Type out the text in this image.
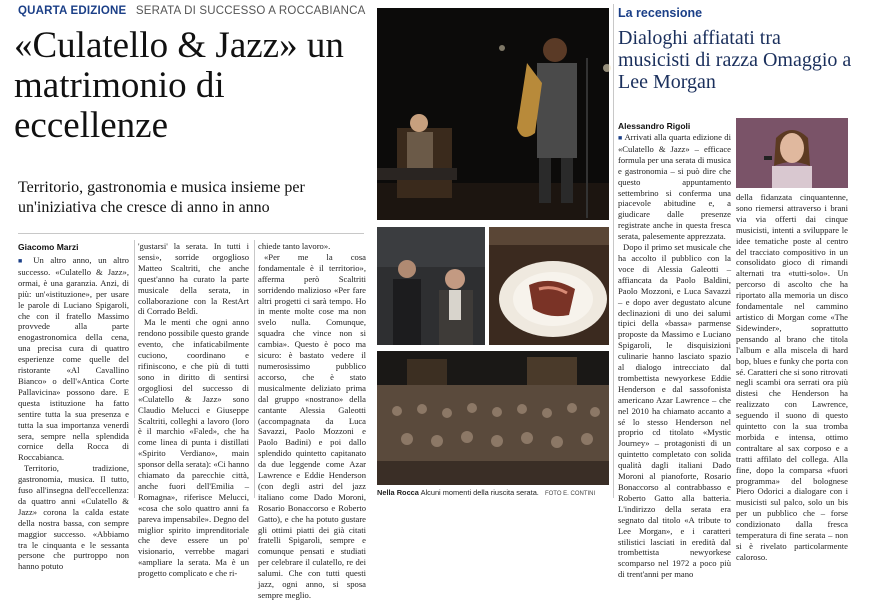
QUARTA EDIZIONE SERATA DI SUCCESSO A ROCCABIANCA
«Culatello & Jazz» un matrimonio di eccellenze
Territorio, gastronomia e musica insieme per un'iniziativa che cresce di anno in anno
Giacomo Marzi

■ Un altro anno, un altro successo. «Culatello & Jazz», ormai, è una garanzia. Anzi, di più: un'«istituzione», per usare le parole di Luciano Spigaroli, che con il fratello Massimo provvede alla parte enogastronomica della cena, una precisa cura di quattro esperienze come quelle del ristorante «Al Cavallino Bianco» o dell'«Antica Corte Pallavicina» possono dare. E questa istituzione ha fatto sentire tutta la sua presenza e tutta la sua importanza venerdì sera, sempre nella splendida cornice della Rocca di Roccabianca.

Territorio, tradizione, gastronomia, musica. Il tutto, fuso all'insegna dell'eccellenza: da quattro anni «Culatello & Jazz» corona la calda estate della nostra bassa, con sempre maggior successo. «Abbiamo tra le cinquanta e le sessanta persone che purtroppo non hanno potuto

'gustarsi' la serata. In tutti i sensi», sorride orgoglioso Matteo Scaltriti, che anche quest'anno ha curato la parte musicale della serata, in collaborazione con la RestArt di Corrado Beldì.

Ma le menti che ogni anno rendono possibile questo grande evento, che infaticabilmente cuciono, coordinano e rifiniscono, e che più di tutti sono in diritto di sentirsi orgogliosi del successo di «Culatello & Jazz» sono Claudio Melucci e Giuseppe Scaltriti, colleghi a lavoro (loro è il marchio «Faled», che ha come linea di punta i distillati «Spirito Verdiano», main sponsor della serata): «Ci hanno chiamato da parecchie città, anche fuori dell'Emilia – Romagna», riferisce Melucci, «cosa che solo quattro anni fa pareva impensabile». Degno del miglior spirito imprenditoriale che deve essere un po' visionario, verrebbe magari «ampliare la serata. Ma è un progetto complicato e che ri-

chiede tanto lavoro».

«Per me la cosa fondamentale è il territorio», afferma però Scaltriti sorridendo malizioso «Per fare altri progetti ci sarà tempo. Ho in mente molte cose ma non svelo nulla. Comunque, squadra che vince non si cambia». Questo è poco ma sicuro: è bastato vedere il numerosissimo pubblico accorso, che è stato musicalmente deliziato prima dal gruppo «nostrano» della cantante Alessia Galeotti (accompagnata da Luca Savazzi, Paolo Mozzoni e Paolo Badini) e poi dallo splendido quintetto capitanato da due leggende come Azar Lawrence e Eddie Henderson (con degli astri del jazz italiano come Dado Moroni, Rosario Bonaccorso e Roberto Gatto), e che ha potuto gustare gli ottimi piatti dei già citati fratelli Spigaroli, sempre e comunque pensati e studiati per celebrare il culatello, re dei salumi. Che con tutti questi jazz, ogni anno, si sposa sempre meglio.

Nella Rocca Alcuni momenti della riuscita serata. FOTO E. CONTINI
La recensione
Dialoghi affiatati tra musicisti di razza Omaggio a Lee Morgan
Alessandro Rigoli

■ Arrivati alla quarta edizione di «Culatello & Jazz» – efficace formula per una serata di musica e gastronomia – si può dire che questo appuntamento settembrino si conferma una piacevole abitudine e, a giudicare dalle presenze registrate anche in questa fresca serata, palesemente apprezzata.

Dopo il primo set musicale che ha accolto il pubblico con la voce di Alessia Galeotti – affiancata da Paolo Baldini, Paolo Mozzoni, e Luca Savazzi – e dopo aver degustato alcune declinazioni di uno dei salumi tipici della «bassa» parmense proposte da Massimo e Luciano Spigaroli, le disquisizioni culinarie hanno lasciato spazio al dialogo intrecciato dal trombettista newyorkese Eddie Henderson e dal sassofonista americano Azar Lawrence – che nel 2010 ha chiamato accanto a sé lo stesso Henderson nel proprio cd titolato «Mystic Journey» – protagonisti di un quintetto completato con solida qualità dagli italiani Dado Moroni al pianoforte, Rosario Bonaccorso al contrabbasso e Roberto Gatto alla batteria. L'indirizzo della serata era segnato dal titolo «A tribute to Lee Morgan», e i caratteri stilistici lasciati in eredità dal trombettista newyorkese scomparso nel 1972 a poco più di trent'anni per mano

della fidanzata cinquantenne, sono riemersi attraverso i brani via via offerti dai cinque musicisti, intenti a sviluppare le idee tematiche poste al centro del tracciato compositivo in un consolidato gioco di rimandi alternati tra «tutti-solo». Un percorso di ascolto che ha riportato alla memoria un disco fondamentale nel cammino artistico di Morgan come «The Sidewinder», soprattutto pensando al brano che titola l'album e alla miscela di hard bop, blues e funky che porta con sé. Caratteri che si sono ritrovati negli scambi ora serrati ora più distesi che Henderson ha realizzato con Lawrence, seguendo il suono di questo quintetto con la sua tromba morbida e intensa, ottimo contraltare al sax corposo e a tratti affilato del collega. Alla fine, dopo la comparsa «fuori programma» del bolognese Piero Odorici a dialogare con i musicisti sul palco, solo un bis per un pubblico che – forse condizionato dalla fresca temperatura di fine serata – non si è rivelato particolarmente caloroso.
